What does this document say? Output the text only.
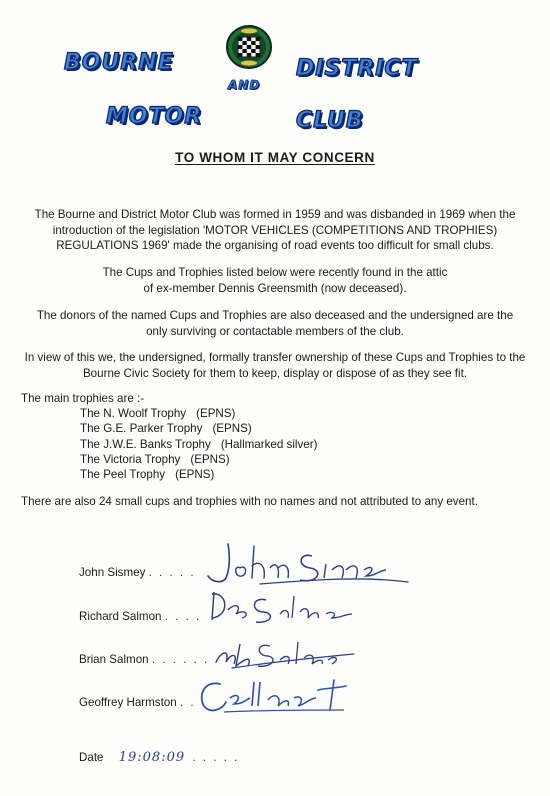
BOURNE	DISTRICT
AND
MOTOR	CLUB
TO WHOM IT MAY CONCERN
The Bourne and District Motor Club was formed in 1959 and was disbanded in 1969 when the introduction of the legislation 'MOTOR VEHICLES (COMPETITIONS AND TROPHIES) REGULATIONS 1969' made the organising of road events too difficult for small clubs.
The Cups and Trophies listed below were recently found in the attic of ex-member Dennis Greensmith (now deceased).
The donors of the named Cups and Trophies are also deceased and the undersigned are the only surviving or contactable members of the club.
In view of this we, the undersigned, formally transfer ownership of these Cups and Trophies to the Bourne Civic Society for them to keep, display or dispose of as they see fit.
The main trophies are :-
The N. Woolf Trophy (EPNS)
The G.E. Parker Trophy (EPNS)
The J.W.E. Banks Trophy (Hallmarked silver)
The Victoria Trophy (EPNS)
The Peel Trophy (EPNS)
There are also 24 small cups and trophies with no names and not attributed to any event.
John Sismey . . . . .
Richard Salmon . . . .
Brian Salmon . . . . . . .
Geoffrey Harmston . .
Date 19:08:09 . . . . .
